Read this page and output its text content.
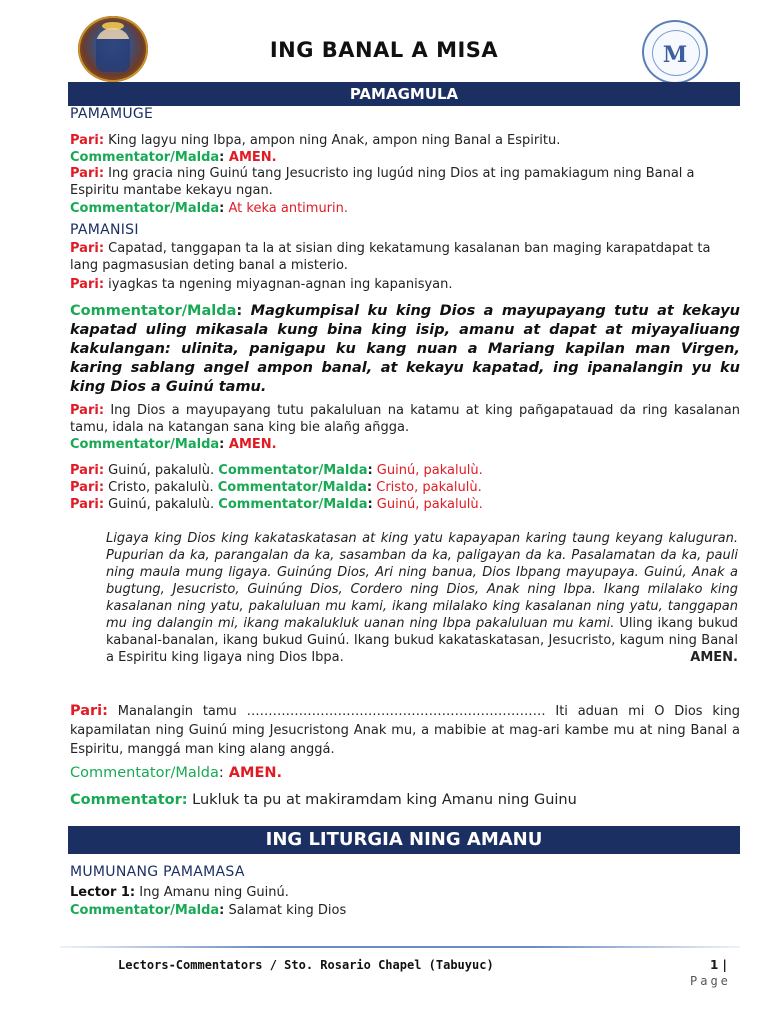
ING BANAL A MISA	M
PAMAGMULA
PAMAMUGE
Pari: King lagyu ning Ibpa, ampon ning Anak, ampon ning Banal a Espiritu.
Commentator/Malda: AMEN.
Pari: Ing gracia ning Guinú tang Jesucristo ing lugúd ning Dios at ing pamakiagum ning Banal a Espiritu mantabe kekayu ngan.
Commentator/Malda: At keka antimurin.
PAMANISI
Pari: Capatad, tanggapan ta la at sisian ding kekatamung kasalanan ban maging karapatdapat ta lang pagmasusian deting banal a misterio.
Pari: iyagkas ta ngening miyagnan-agnan ing kapanisyan.
Commentator/Malda: Magkumpisal ku king Dios a mayupayang tutu at kekayu kapatad uling mikasala kung bina king isip, amanu at dapat at miyayaliuang kakulangan: ulinita, panigapu ku kang nuan a Mariang kapilan man Virgen, karing sablang angel ampon banal, at kekayu kapatad, ing ipanalangin yu ku king Dios a Guinú tamu.
Pari: Ing Dios a mayupayang tutu pakaluluan na katamu at king pañgapatauad da ring kasalanan tamu, idala na katangan sana king bie alañg añgga.
Commentator/Malda: AMEN.
Pari: Guinú, pakalulù. Commentator/Malda: Guinú, pakalulù.
Pari: Cristo, pakalulù. Commentator/Malda: Cristo, pakalulù.
Pari: Guinú, pakalulù. Commentator/Malda: Guinú, pakalulù.
Ligaya king Dios king kakataskatasan at king yatu kapayapan karing taung keyang kaluguran. Pupurian da ka, parangalan da ka, sasamban da ka, paligayan da ka. Pasalamatan da ka, pauli ning maula mung ligaya. Guinúng Dios, Ari ning banua, Dios Ibpang mayupaya. Guinú, Anak a bugtung, Jesucristo, Guinúng Dios, Cordero ning Dios, Anak ning Ibpa. Ikang milalako king kasalanan ning yatu, pakaluluan mu kami, ikang milalako king kasalanan ning yatu, tanggapan mu ing dalangin mi, ikang makalukluk uanan ning Ibpa pakaluluan mu kami. Uling ikang bukud kabanal-banalan, ikang bukud Guinú. Ikang bukud kakataskatasan, Jesucristo, kagum ning Banal a Espiritu king ligaya ning Dios Ibpa.	AMEN.
Pari: Manalangin tamu …………………………………………………………… Iti aduan mi O Dios king kapamilatan ning Guinú ming Jesucristong Anak mu, a mabibie at mag-ari kambe mu at ning Banal a Espiritu, manggá man king alang anggá.
Commentator/Malda: AMEN.
Commentator: Lukluk ta pu at makiramdam king Amanu ning Guinu
ING LITURGIA NING AMANU
MUMUNANG PAMAMASA
Lector 1: Ing Amanu ning Guinú.
Commentator/Malda: Salamat king Dios
Lectors-Commentators / Sto. Rosario Chapel (Tabuyuc)	1 |
Page
